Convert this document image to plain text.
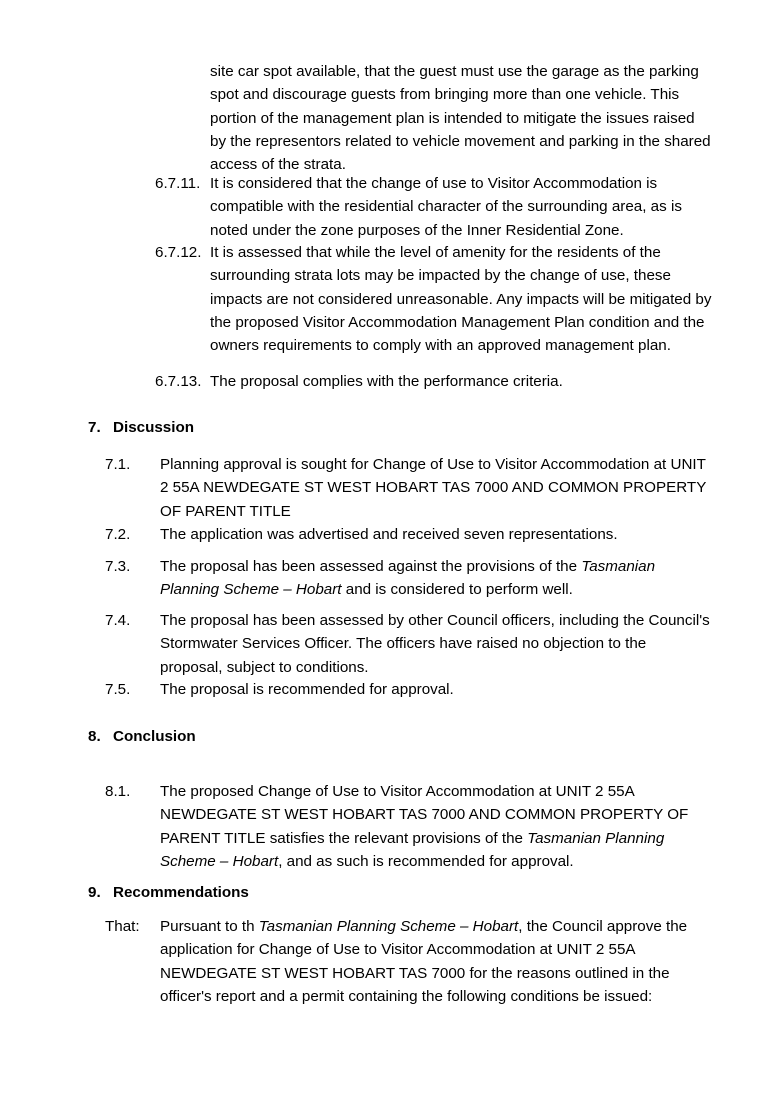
site car spot available, that the guest must use the garage as the parking spot and discourage guests from bringing more than one vehicle. This portion of the management plan is intended to mitigate the issues raised by the representors related to vehicle movement and parking in the shared access of the strata.
6.7.11. It is considered that the change of use to Visitor Accommodation is compatible with the residential character of the surrounding area, as is noted under the zone purposes of the Inner Residential Zone.
6.7.12. It is assessed that while the level of amenity for the residents of the surrounding strata lots may be impacted by the change of use, these impacts are not considered unreasonable. Any impacts will be mitigated by the proposed Visitor Accommodation Management Plan condition and the owners requirements to comply with an approved management plan.
6.7.13. The proposal complies with the performance criteria.
7. Discussion
7.1.	Planning approval is sought for Change of Use to Visitor Accommodation at UNIT 2 55A NEWDEGATE ST WEST HOBART TAS 7000 AND COMMON PROPERTY OF PARENT TITLE
7.2.	The application was advertised and received seven representations.
7.3.	The proposal has been assessed against the provisions of the Tasmanian Planning Scheme – Hobart and is considered to perform well.
7.4.	The proposal has been assessed by other Council officers, including the Council's Stormwater Services Officer. The officers have raised no objection to the proposal, subject to conditions.
7.5.	The proposal is recommended for approval.
8. Conclusion
8.1.	The proposed Change of Use to Visitor Accommodation at UNIT 2 55A NEWDEGATE ST WEST HOBART TAS 7000 AND COMMON PROPERTY OF PARENT TITLE satisfies the relevant provisions of the Tasmanian Planning Scheme – Hobart, and as such is recommended for approval.
9. Recommendations
That:	Pursuant to th Tasmanian Planning Scheme – Hobart, the Council approve the application for Change of Use to Visitor Accommodation at UNIT 2 55A NEWDEGATE ST WEST HOBART TAS 7000 for the reasons outlined in the officer's report and a permit containing the following conditions be issued:
